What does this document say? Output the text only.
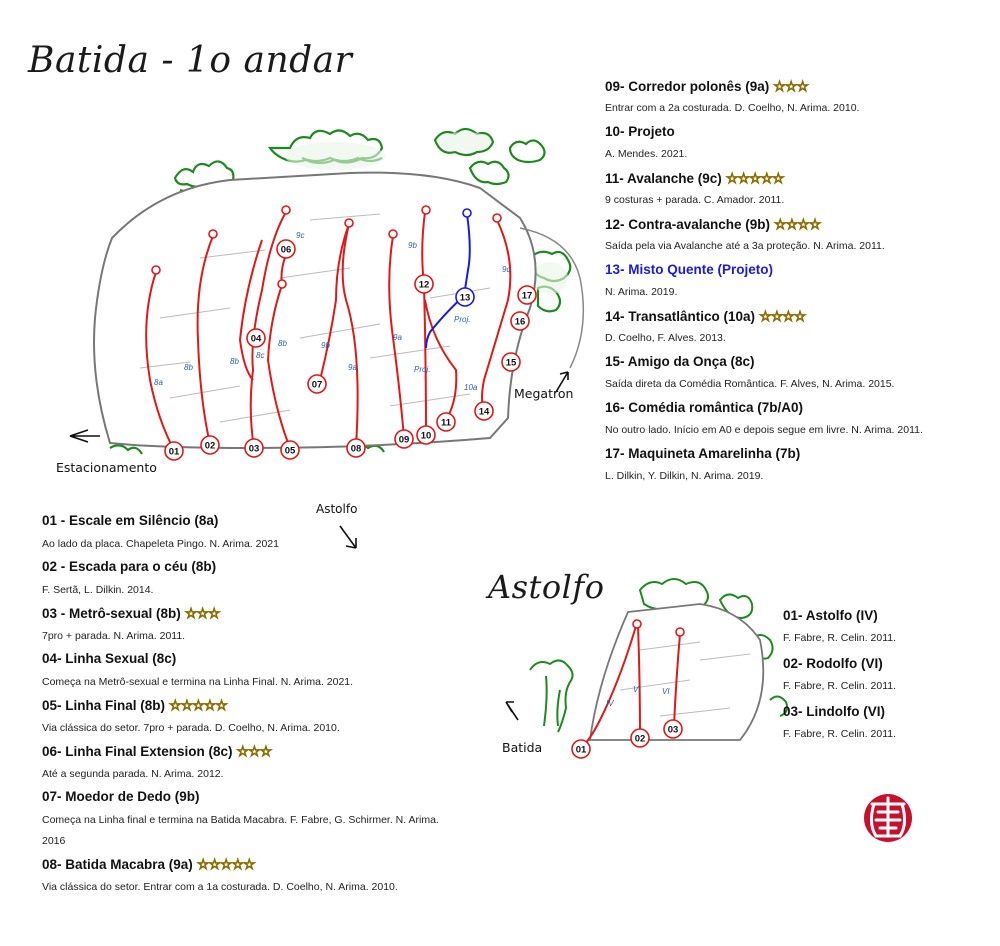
Batida - 1o andar
Astolfo
8a
8b
8b
8c
8b
9c
9b
9b
9a
9a
Proj.
Proj.
10a
9c
01
02	03
04
05
06
07
08
09 10
11
12
13
14
15
16
17
IV
VI	VI
01
02
03
Estacionamento
Astolfo
Megatron
Batida
01 - Escale em Silêncio (8a)
Ao lado da placa. Chapeleta Pingo. N. Arima. 2021
02 - Escada para o céu (8b)
F. Sertã, L. Dilkin. 2014.
03 - Metrô-sexual (8b) ☆☆☆
7pro + parada. N. Arima. 2011.
04- Linha Sexual (8c)
Começa na Metrô-sexual e termina na Linha Final. N. Arima. 2021.
05- Linha Final (8b) ☆☆☆☆☆
Via clássica do setor. 7pro + parada. D. Coelho, N. Arima. 2010.
06- Linha Final Extension (8c) ☆☆☆
Até a segunda parada. N. Arima. 2012.
07- Moedor de Dedo (9b)
Começa na Linha final e termina na Batida Macabra. F. Fabre, G. Schirmer. N. Arima.
2016
08- Batida Macabra (9a) ☆☆☆☆☆
Via clássica do setor. Entrar com a 1a costurada. D. Coelho, N. Arima. 2010.
09- Corredor polonês (9a) ☆☆☆
Entrar com a 2a costurada. D. Coelho, N. Arima. 2010.
10- Projeto
A. Mendes. 2021.
11- Avalanche (9c) ☆☆☆☆☆
9 costuras + parada. C. Amador. 2011.
12- Contra-avalanche (9b) ☆☆☆☆
Saída pela via Avalanche até a 3a proteção. N. Arima. 2011.
13- Misto Quente (Projeto)
N. Arima. 2019.
14- Transatlântico (10a) ☆☆☆☆
D. Coelho, F. Alves. 2013.
15- Amigo da Onça (8c)
Saída direta da Comédia Romântica. F. Alves, N. Arima. 2015.
16- Comédia romântica (7b/A0)
No outro lado. Início em A0 e depois segue em livre. N. Arima. 2011.
17- Maquineta Amarelinha (7b)
L. Dilkin, Y. Dilkin, N. Arima. 2019.
01- Astolfo (IV)
F. Fabre, R. Celin. 2011.
02- Rodolfo (VI)
F. Fabre, R. Celin. 2011.
03- Lindolfo (VI)
F. Fabre, R. Celin. 2011.
